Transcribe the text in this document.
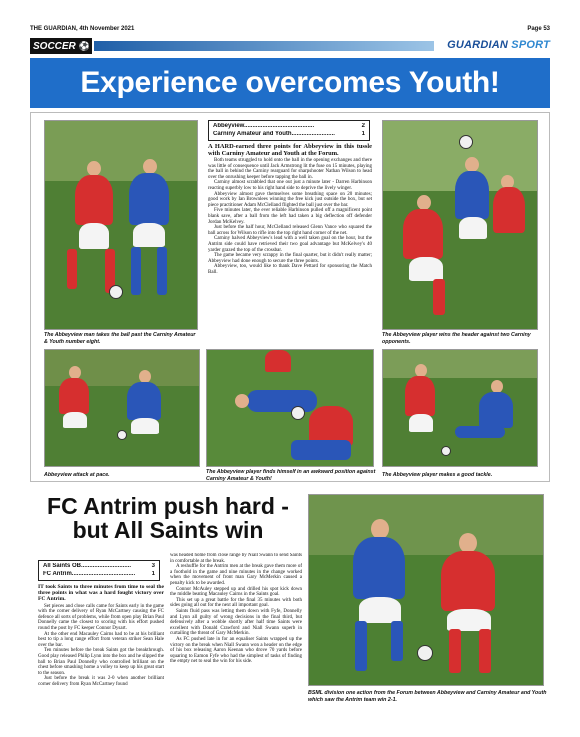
THE GUARDIAN, 4th November 2021	Page 53
SOCCER ⚽	GUARDIAN SPORT
Experience overcomes Youth!
The Abbeyview man takes the ball past the Carniny Amateur & Youth number eight.
Abbeyview..........................................	2
Carniny Amateur and Youth..........................	1

A HARD-earned three points for Abbeyview in this tussle with Carniny Amateur and Youth at the Forum.

Both teams struggled to hold onto the ball in the opening exchanges and there was little of consequence until Jack Armstrong lit the fuse on 15 minutes, playing the ball in behind the Carniny rearguard for sharpshooter Nathan Wilson to head over the onrushing keeper before tapping the ball in.

Carniny almost scrabbled that one out just a minute later - Darren Harbinson reacting superbly low to his right hand side to deprive the lively winger.

Abbeyview almost gave themselves some breathing space on 20 minutes; good work by Ian Brownlees winning the free kick just outside the box, but set piece practitioner Adam McClelland flighted the ball just over the bar.

Five minutes later, the ever reliable Harbinson pulled off a magnificent point blank save, after a ball from the left had taken a big deflection off defender Jordan McKelvey.

Just before the half hour, McClelland released Glenn Vance who squared the ball across for Wilson to rifle into the top right hand corner of the net.

Carniny halved Abbeyview's lead with a well taken goal on the hour, but the Antrim side could have retrieved their two goal advantage but McKelvey's 40 yarder grazed the top of the crossbar.

The game became very scrappy in the final quarter, but it didn't really matter; Abbeyview had done enough to secure the three points.

Abbeyview, too, would like to thank Dave Pettard for sponsoring the Match Ball.

The Abbeyview player wins the header against two Carniny opponents.
Abbeyview attack at pace.	The Abbeyview player finds himself in an awkward position against Carniny Amateur & Youth!
The Abbeyview player makes a good tackle.
FC Antrim push hard - but All Saints win
All Saints OB..............................	3
FC Antrim......................................	1

IT took Saints to three minutes from time to seal the three points in what was a hard fought victory over FC Antrim.

Set pieces and close calls came for Saints early in the game with the corner delivery of Ryan McCartney causing the FC defence all sorts of problems, while from open play Brian Paul Donnelly came the closest to scoring with his effort pushed round the post by FC keeper Connor Dysart.

At the other end Macauley Cairns had to be at his brilliant best to tip a long range effort from veteran striker Sean Hale over the bar.

Ten minutes before the break Saints got the breakthrough. Good play released Philip Lynn into the box and he slipped the ball to Brian Paul Donnelly who controlled brilliant on the chest before smashing home a volley to keep up his great start to the season.

Just before the break it was 2-0 when another brilliant corner delivery from Ryan McCartney found

was headed home from close range by Niall Swann to send Saints in comfortable at the break.

A reshuffle for the Antrim men at the break gave them more of a foothold in the game and nine minutes in the change worked when the movement of front man Gary McMerkin caused a penalty kick to be awarded.

Connor McAuley stepped up and drilled his spot kick down the middle beating Macauley Cairns in the Saints goal.

This set up a great battle for the final 35 minutes with both sides going all out for the next all important goal.

Saints fluid pass was letting them down with Fyfe, Donnelly and Lynn all guilty of wrong decisions in the final third, but defensively after a wobble shortly after half time Saints were excellent with Donald Crawford and Niall Swann superb in curtailing the threat of Gary McMerkin.

As FC pushed late in for an equaliser Saints wrapped up the victory on the break when Niall Swann won a header on the edge of his box releasing Aaron Keenan who drove 70 yards before squaring to Eamon Fyfe who had the simplest of tasks of finding the empty net to seal the win for his side.

BSML division one action from the Forum between Abbeyview and Carniny Amateur and Youth which saw the Antrim team win 2-1.
